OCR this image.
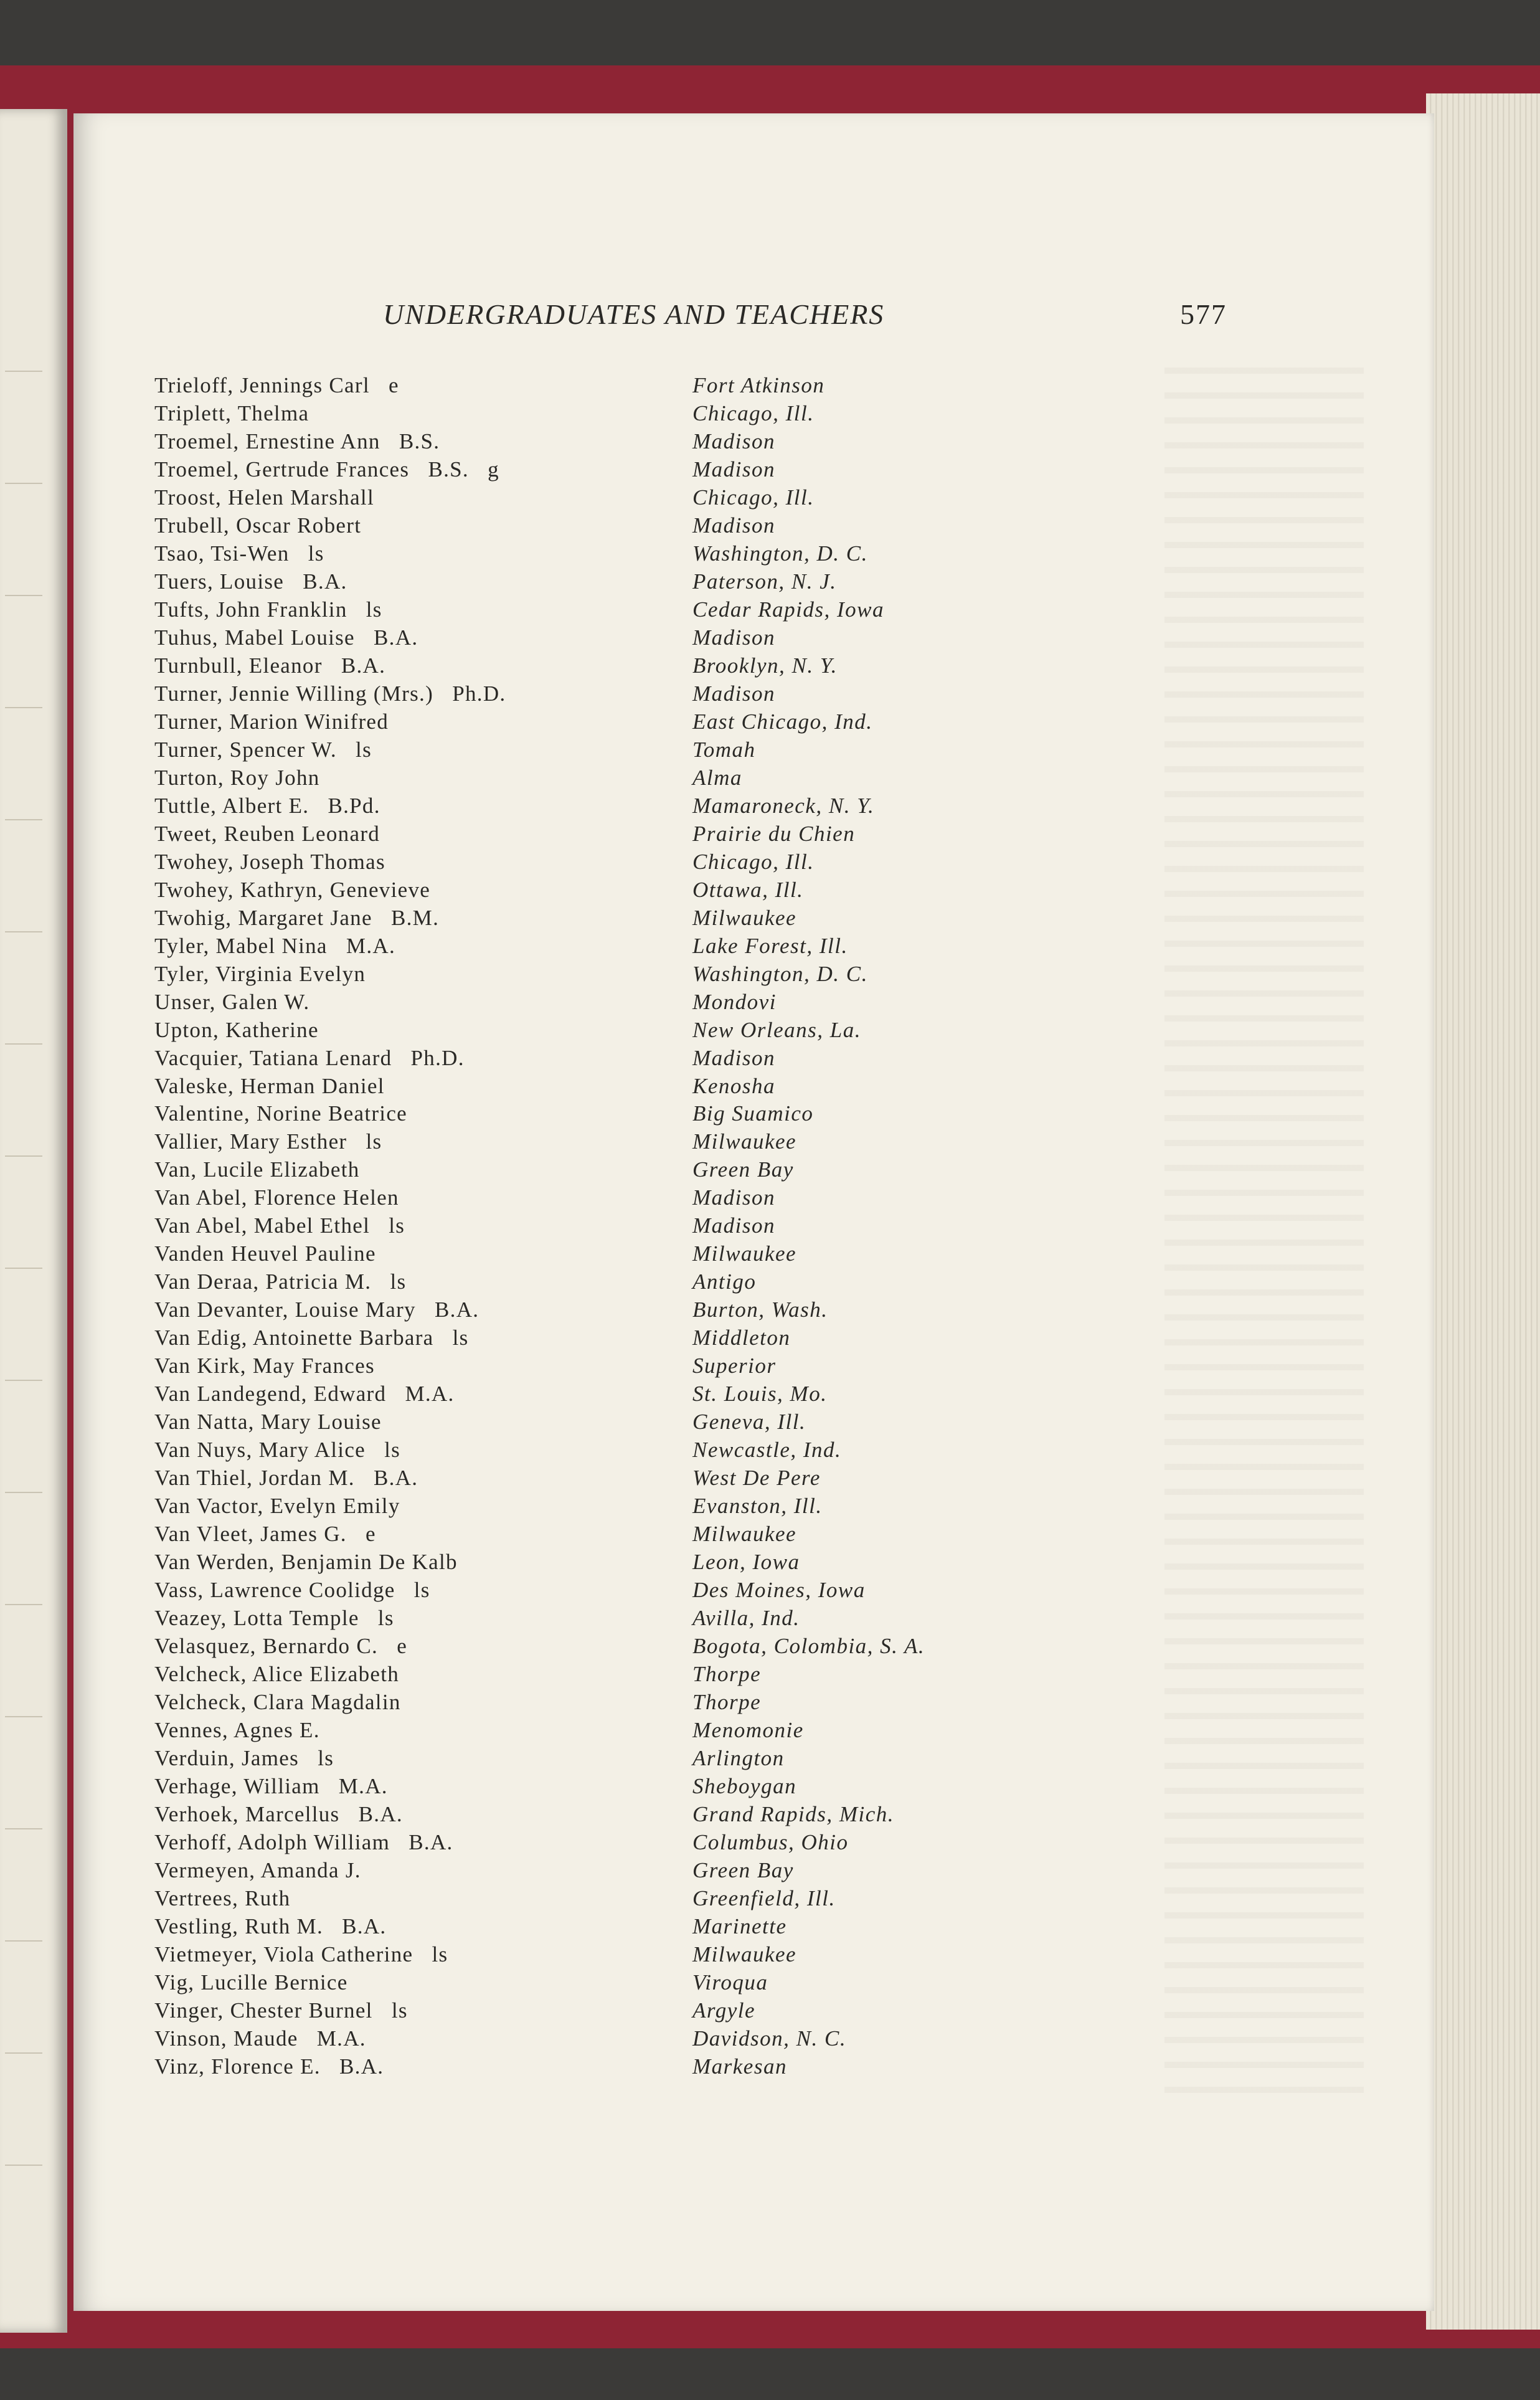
UNDERGRADUATES AND TEACHERS	577
Trieloff, Jennings Carl   e	Fort Atkinson
Triplett, Thelma	Chicago, Ill.
Troemel, Ernestine Ann   B.S.	Madison
Troemel, Gertrude Frances   B.S.   g	Madison
Troost, Helen Marshall	Chicago, Ill.
Trubell, Oscar Robert	Madison
Tsao, Tsi-Wen   ls	Washington, D. C.
Tuers, Louise   B.A.	Paterson, N. J.
Tufts, John Franklin   ls	Cedar Rapids, Iowa
Tuhus, Mabel Louise   B.A.	Madison
Turnbull, Eleanor   B.A.	Brooklyn, N. Y.
Turner, Jennie Willing (Mrs.)   Ph.D.	Madison
Turner, Marion Winifred	East Chicago, Ind.
Turner, Spencer W.   ls	Tomah
Turton, Roy John	Alma
Tuttle, Albert E.   B.Pd.	Mamaroneck, N. Y.
Tweet, Reuben Leonard	Prairie du Chien
Twohey, Joseph Thomas	Chicago, Ill.
Twohey, Kathryn, Genevieve	Ottawa, Ill.
Twohig, Margaret Jane   B.M.	Milwaukee
Tyler, Mabel Nina   M.A.	Lake Forest, Ill.
Tyler, Virginia Evelyn	Washington, D. C.
Unser, Galen W.	Mondovi
Upton, Katherine	New Orleans, La.
Vacquier, Tatiana Lenard   Ph.D.	Madison
Valeske, Herman Daniel	Kenosha
Valentine, Norine Beatrice	Big Suamico
Vallier, Mary Esther   ls	Milwaukee
Van, Lucile Elizabeth	Green Bay
Van Abel, Florence Helen	Madison
Van Abel, Mabel Ethel   ls	Madison
Vanden Heuvel Pauline	Milwaukee
Van Deraa, Patricia M.   ls	Antigo
Van Devanter, Louise Mary   B.A.	Burton, Wash.
Van Edig, Antoinette Barbara   ls	Middleton
Van Kirk, May Frances	Superior
Van Landegend, Edward   M.A.	St. Louis, Mo.
Van Natta, Mary Louise	Geneva, Ill.
Van Nuys, Mary Alice   ls	Newcastle, Ind.
Van Thiel, Jordan M.   B.A.	West De Pere
Van Vactor, Evelyn Emily	Evanston, Ill.
Van Vleet, James G.   e	Milwaukee
Van Werden, Benjamin De Kalb	Leon, Iowa
Vass, Lawrence Coolidge   ls	Des Moines, Iowa
Veazey, Lotta Temple   ls	Avilla, Ind.
Velasquez, Bernardo C.   e	Bogota, Colombia, S. A.
Velcheck, Alice Elizabeth	Thorpe
Velcheck, Clara Magdalin	Thorpe
Vennes, Agnes E.	Menomonie
Verduin, James   ls	Arlington
Verhage, William   M.A.	Sheboygan
Verhoek, Marcellus   B.A.	Grand Rapids, Mich.
Verhoff, Adolph William   B.A.	Columbus, Ohio
Vermeyen, Amanda J.	Green Bay
Vertrees, Ruth	Greenfield, Ill.
Vestling, Ruth M.   B.A.	Marinette
Vietmeyer, Viola Catherine   ls	Milwaukee
Vig, Lucille Bernice	Viroqua
Vinger, Chester Burnel   ls	Argyle
Vinson, Maude   M.A.	Davidson, N. C.
Vinz, Florence E.   B.A.	Markesan
